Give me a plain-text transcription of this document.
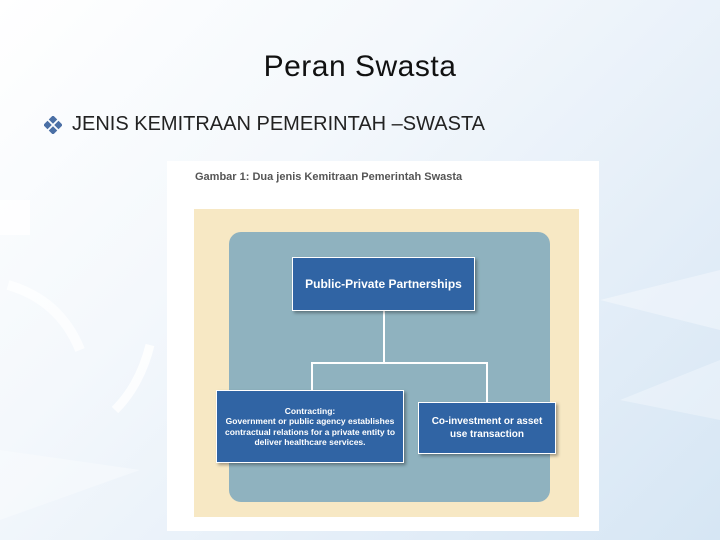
Peran Swasta
JENIS KEMITRAAN PEMERINTAH –SWASTA
Gambar 1: Dua jenis Kemitraan Pemerintah Swasta
Public-Private Partnerships
Contracting:
Government or public agency establishes contractual relations for a private entity to deliver healthcare services.
Co-investment or asset use transaction
